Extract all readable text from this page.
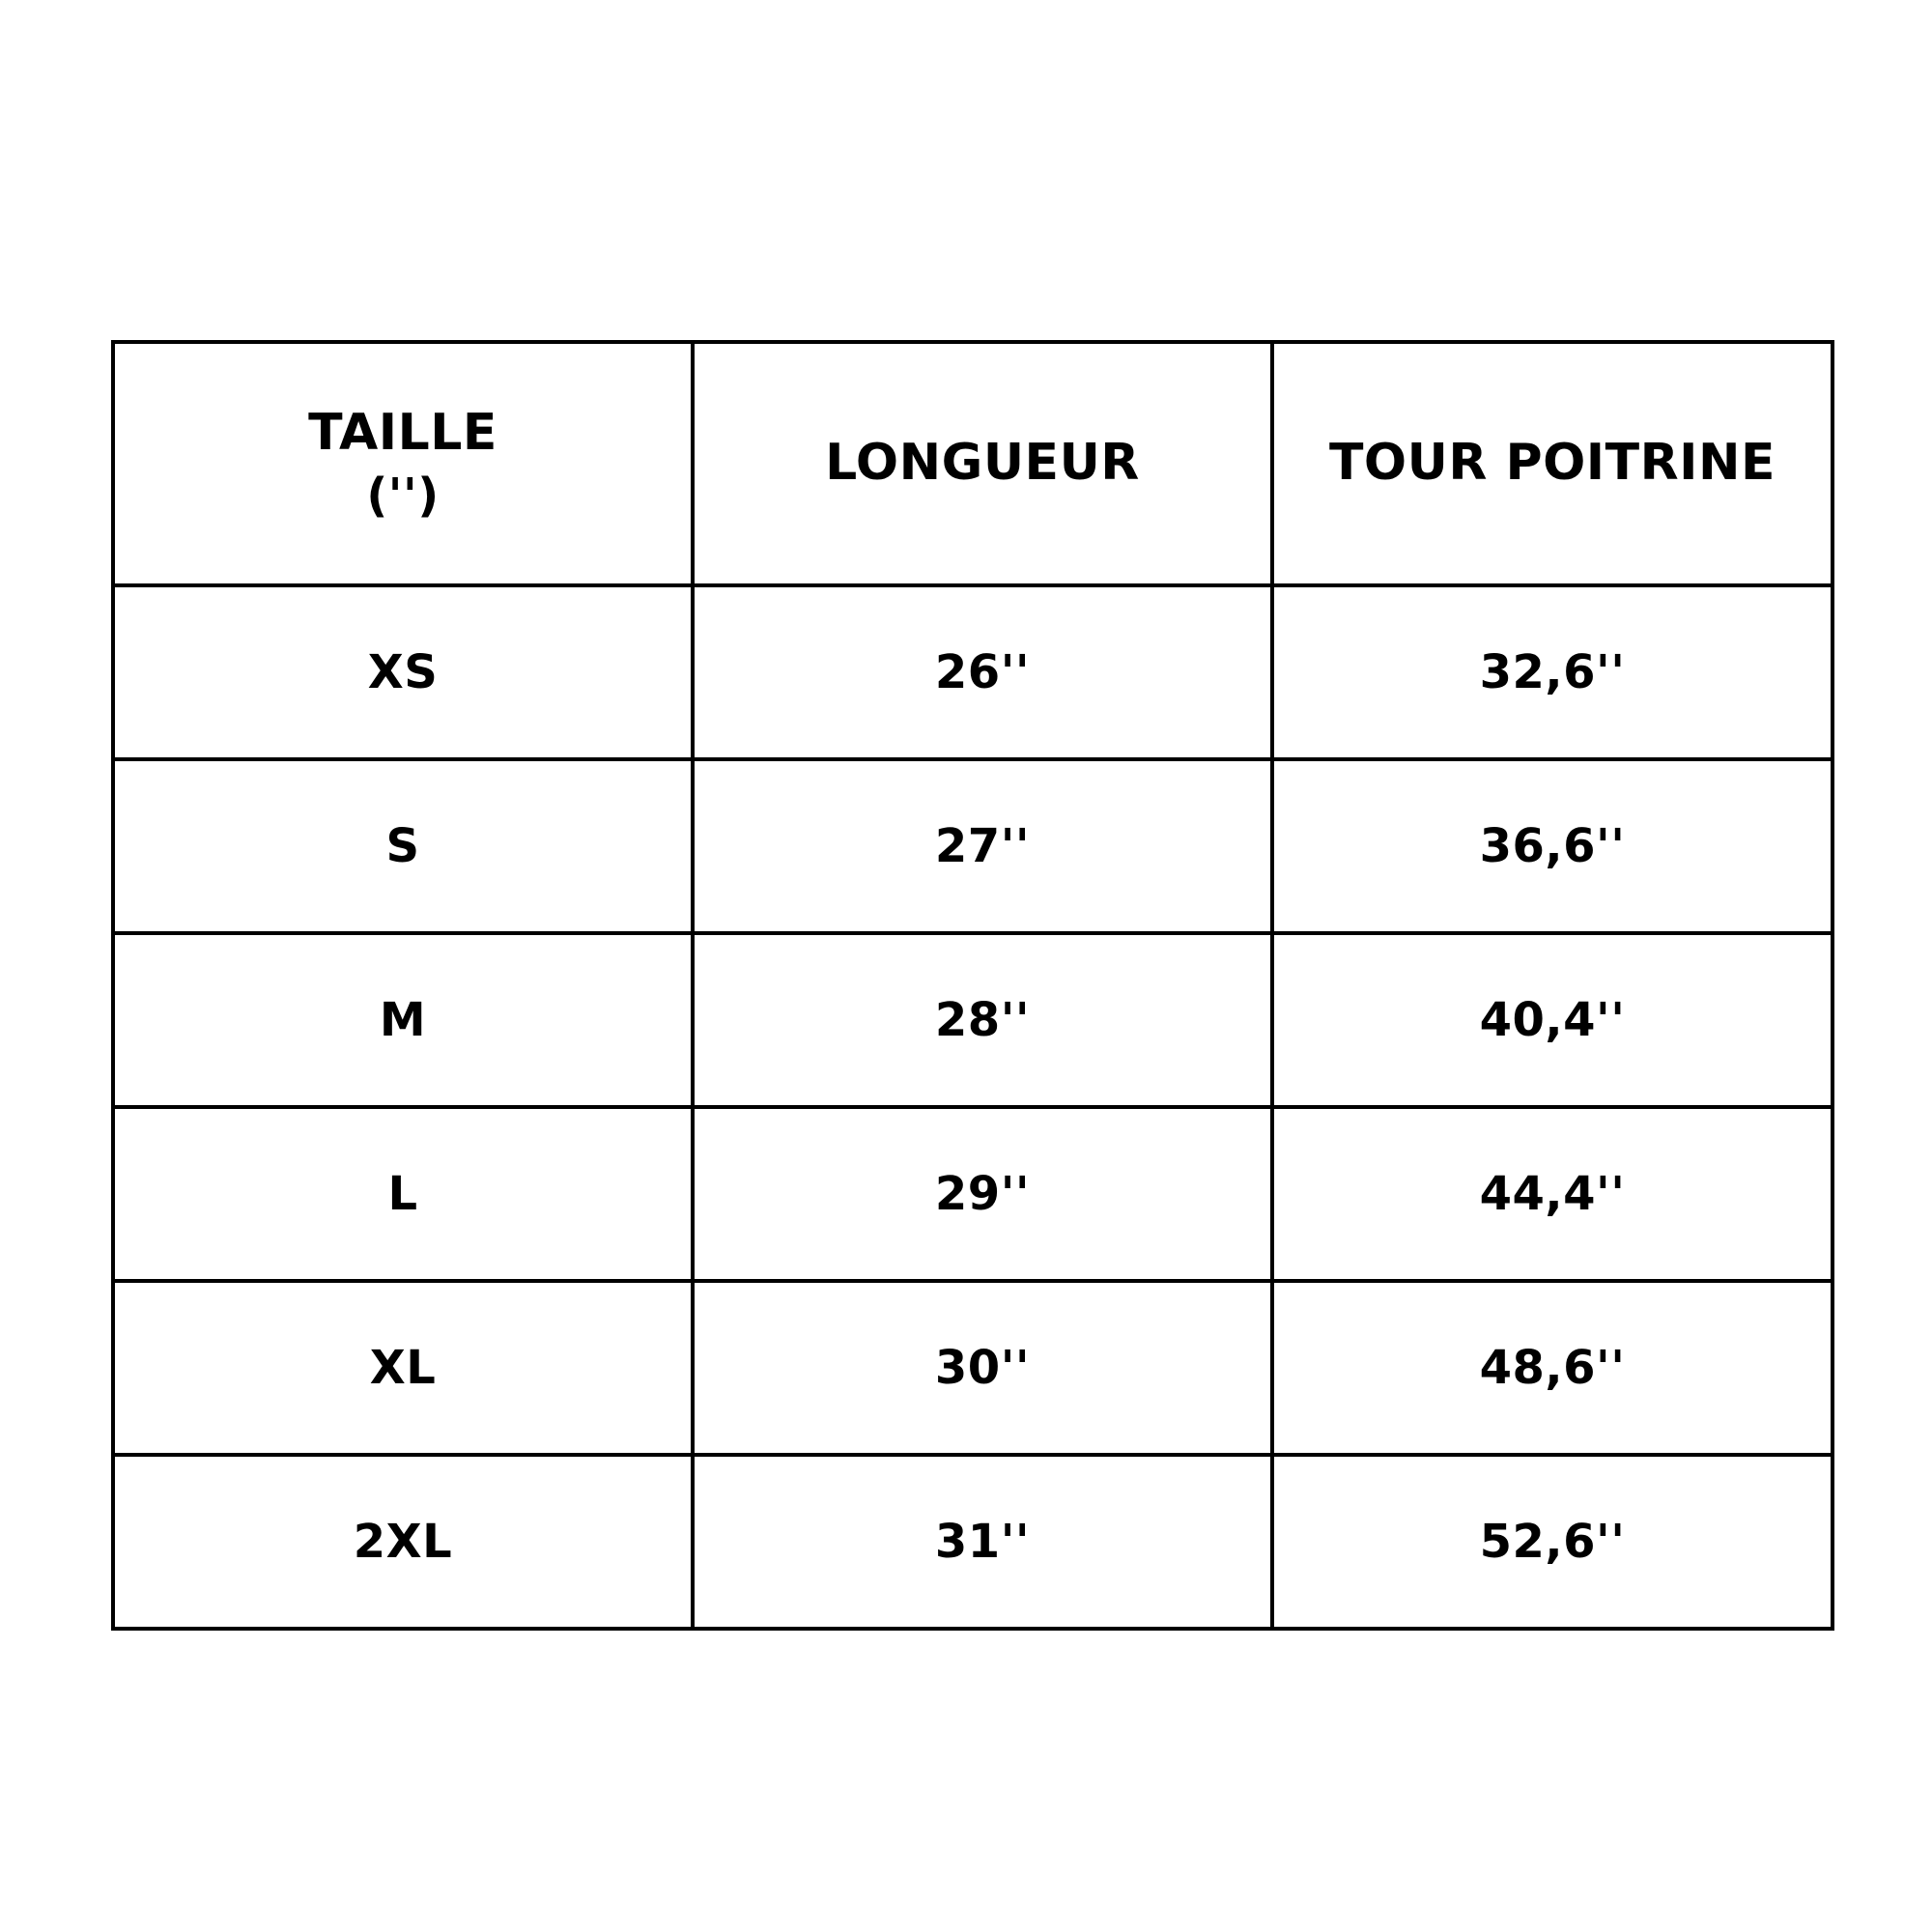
TAILLE
('')	LONGUEUR	TOUR POITRINE
XS	26''	32,6''
S	27''	36,6''
M	28''	40,4''
L	29''	44,4''
XL	30''	48,6''
2XL	31''	52,6''
